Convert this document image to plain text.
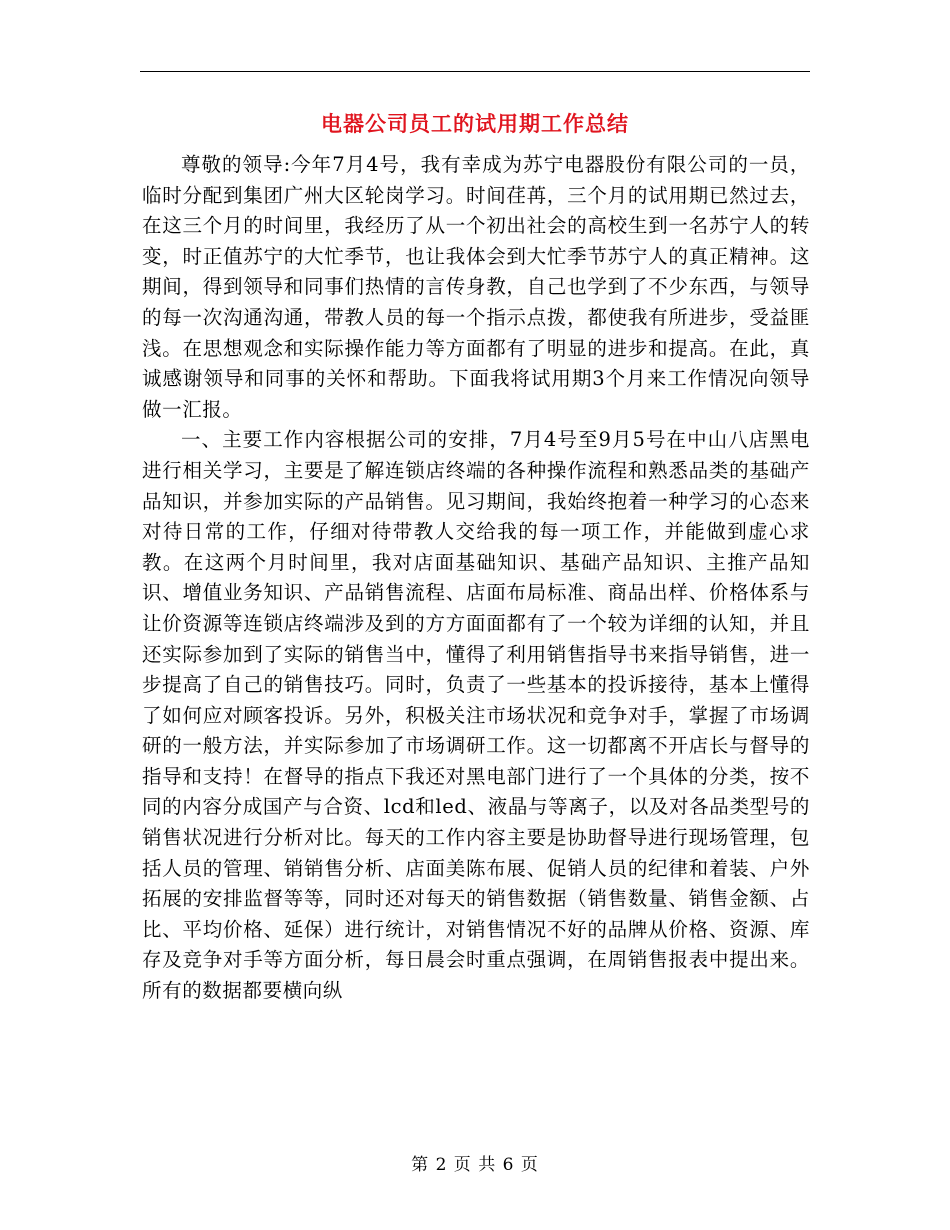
电器公司员工的试用期工作总结

尊敬的领导:今年7月4号，我有幸成为苏宁电器股份有限公司的一员，临时分配到集团广州大区轮岗学习。时间荏苒，三个月的试用期已然过去，在这三个月的时间里，我经历了从一个初出社会的高校生到一名苏宁人的转变，时正值苏宁的大忙季节，也让我体会到大忙季节苏宁人的真正精神。这期间，得到领导和同事们热情的言传身教，自己也学到了不少东西，与领导的每一次沟通沟通，带教人员的每一个指示点拨，都使我有所进步，受益匪浅。在思想观念和实际操作能力等方面都有了明显的进步和提高。在此，真诚感谢领导和同事的关怀和帮助。下面我将试用期3个月来工作情况向领导做一汇报。

一、主要工作内容根据公司的安排，7月4号至9月5号在中山八店黑电进行相关学习，主要是了解连锁店终端的各种操作流程和熟悉品类的基础产品知识，并参加实际的产品销售。见习期间，我始终抱着一种学习的心态来对待日常的工作，仔细对待带教人交给我的每一项工作，并能做到虚心求教。在这两个月时间里，我对店面基础知识、基础产品知识、主推产品知识、增值业务知识、产品销售流程、店面布局标准、商品出样、价格体系与让价资源等连锁店终端涉及到的方方面面都有了一个较为详细的认知，并且还实际参加到了实际的销售当中，懂得了利用销售指导书来指导销售，进一步提高了自己的销售技巧。同时，负责了一些基本的投诉接待，基本上懂得了如何应对顾客投诉。另外，积极关注市场状况和竞争对手，掌握了市场调研的一般方法，并实际参加了市场调研工作。这一切都离不开店长与督导的指导和支持！在督导的指点下我还对黑电部门进行了一个具体的分类，按不同的内容分成国产与合资、lcd和led、液晶与等离子，以及对各品类型号的销售状况进行分析对比。每天的工作内容主要是协助督导进行现场管理，包括人员的管理、销销售分析、店面美陈布展、促销人员的纪律和着装、户外拓展的安排监督等等，同时还对每天的销售数据（销售数量、销售金额、占比、平均价格、延保）进行统计，对销售情况不好的品牌从价格、资源、库存及竞争对手等方面分析，每日晨会时重点强调，在周销售报表中提出来。所有的数据都要横向纵

第 2 页 共 6 页
